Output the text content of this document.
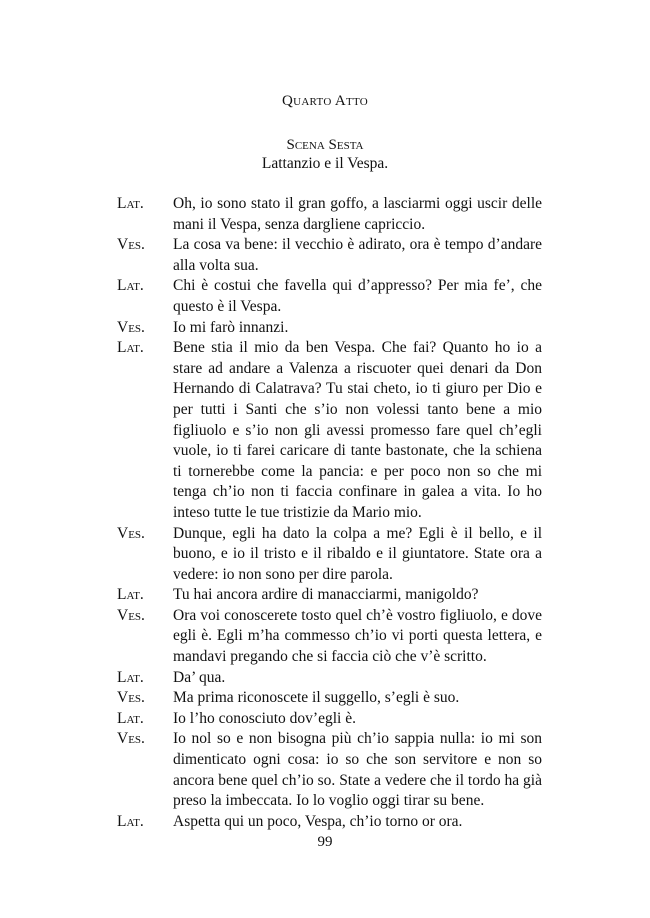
Quarto Atto
Scena Sesta
Lattanzio e il Vespa.
Lat.	Oh, io sono stato il gran goffo, a lasciarmi oggi uscir delle mani il Vespa, senza dargliene capriccio.
Ves.	La cosa va bene: il vecchio è adirato, ora è tempo d’andare alla volta sua.
Lat.	Chi è costui che favella qui d’appresso? Per mia fe’, che questo è il Vespa.
Ves.	Io mi farò innanzi.
Lat.	Bene stia il mio da ben Vespa. Che fai? Quanto ho io a stare ad andare a Valenza a riscuoter quei denari da Don Hernando di Calatrava? Tu stai cheto, io ti giuro per Dio e per tutti i Santi che s’io non volessi tanto bene a mio figliuolo e s’io non gli avessi promesso fare quel ch’egli vuole, io ti farei caricare di tante bastonate, che la schiena ti tornerebbe come la pancia: e per poco non so che mi tenga ch’io non ti faccia confinare in galea a vita. Io ho inteso tutte le tue tristizie da Mario mio.
Ves.	Dunque, egli ha dato la colpa a me? Egli è il bello, e il buono, e io il tristo e il ribaldo e il giuntatore. State ora a vedere: io non sono per dire parola.
Lat.	Tu hai ancora ardire di manacciarmi, manigoldo?
Ves.	Ora voi conoscerete tosto quel ch’è vostro figliuolo, e dove egli è. Egli m’ha commesso ch’io vi porti questa lettera, e mandavi pregando che si faccia ciò che v’è scritto.
Lat.	Da’ qua.
Ves.	Ma prima riconoscete il suggello, s’egli è suo.
Lat.	Io l’ho conosciuto dov’egli è.
Ves.	Io nol so e non bisogna più ch’io sappia nulla: io mi son dimenticato ogni cosa: io so che son servitore e non so ancora bene quel ch’io so. State a vedere che il tordo ha già preso la imbeccata. Io lo voglio oggi tirar su bene.
Lat.	Aspetta qui un poco, Vespa, ch’io torno or ora.
99
